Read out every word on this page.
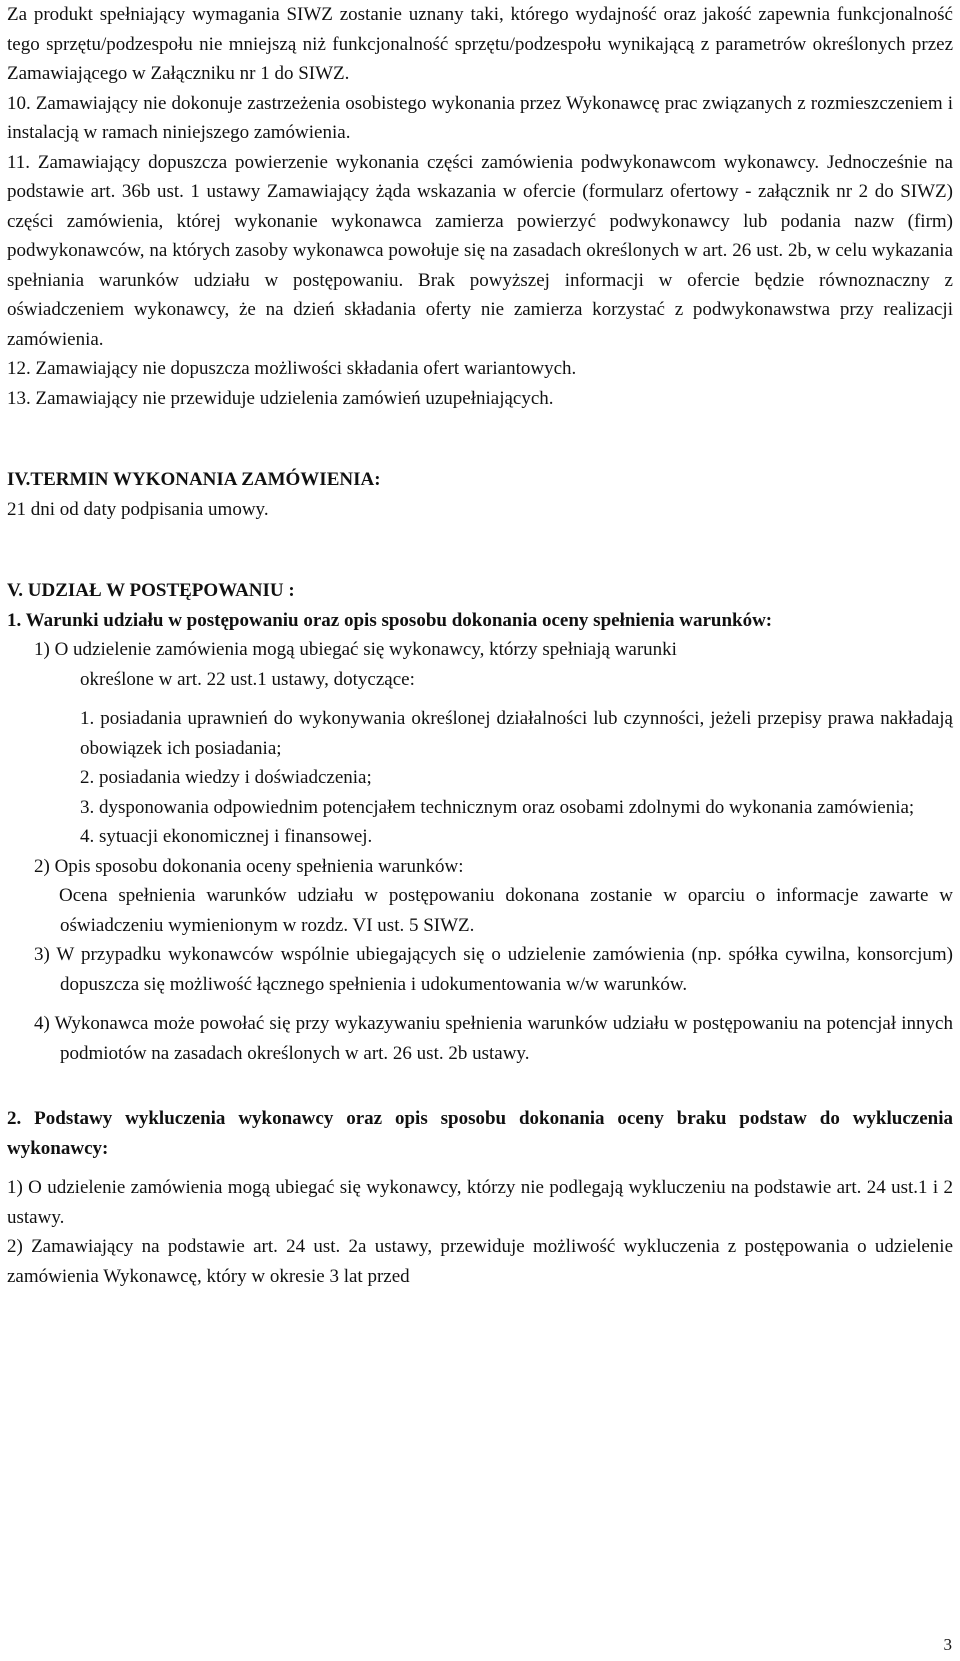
Za produkt spełniający wymagania SIWZ zostanie uznany taki, którego wydajność oraz jakość zapewnia funkcjonalność tego sprzętu/podzespołu nie mniejszą niż funkcjonalność sprzętu/podzespołu wynikającą z parametrów określonych przez Zamawiającego w Załączniku nr 1 do SIWZ.

10. Zamawiający nie dokonuje zastrzeżenia osobistego wykonania przez Wykonawcę prac związanych z rozmieszczeniem i instalacją w ramach niniejszego zamówienia.

11. Zamawiający dopuszcza powierzenie wykonania części zamówienia podwykonawcom wykonawcy. Jednocześnie na podstawie art. 36b ust. 1 ustawy Zamawiający żąda wskazania w ofercie (formularz ofertowy - załącznik nr 2 do SIWZ) części zamówienia, której wykonanie wykonawca zamierza powierzyć podwykonawcy lub podania nazw (firm) podwykonawców, na których zasoby wykonawca powołuje się na zasadach określonych w art. 26 ust. 2b, w celu wykazania spełniania warunków udziału w postępowaniu. Brak powyższej informacji w ofercie będzie równoznaczny z oświadczeniem wykonawcy, że na dzień składania oferty nie zamierza korzystać z podwykonawstwa przy realizacji zamówienia.

12. Zamawiający nie dopuszcza możliwości składania ofert wariantowych.

13. Zamawiający nie przewiduje udzielenia zamówień uzupełniających.

IV.TERMIN WYKONANIA ZAMÓWIENIA:

21 dni od daty podpisania umowy.

V. UDZIAŁ W POSTĘPOWANIU :

1. Warunki udziału w postępowaniu oraz opis sposobu dokonania oceny spełnienia warunków:

1) O udzielenie zamówienia mogą ubiegać się wykonawcy, którzy spełniają warunki

określone w art. 22 ust.1 ustawy, dotyczące:

1. posiadania uprawnień do wykonywania określonej działalności lub czynności, jeżeli przepisy prawa nakładają obowiązek ich posiadania;

2. posiadania wiedzy i doświadczenia;

3. dysponowania odpowiednim potencjałem technicznym oraz osobami zdolnymi do wykonania zamówienia;

4. sytuacji ekonomicznej i finansowej.

2) Opis sposobu dokonania oceny spełnienia warunków:

Ocena spełnienia warunków udziału w postępowaniu dokonana zostanie w oparciu o informacje zawarte w oświadczeniu wymienionym w rozdz. VI ust. 5 SIWZ.

3) W przypadku wykonawców wspólnie ubiegających się o udzielenie zamówienia (np. spółka cywilna, konsorcjum) dopuszcza się możliwość łącznego spełnienia i udokumentowania w/w warunków.

4) Wykonawca może powołać się przy wykazywaniu spełnienia warunków udziału w postępowaniu na potencjał innych podmiotów na zasadach określonych w art. 26 ust. 2b ustawy.

2. Podstawy wykluczenia wykonawcy oraz opis sposobu dokonania oceny braku podstaw do wykluczenia wykonawcy:

1) O udzielenie zamówienia mogą ubiegać się wykonawcy, którzy nie podlegają wykluczeniu na podstawie art. 24 ust.1 i 2 ustawy.

2) Zamawiający na podstawie art. 24 ust. 2a ustawy, przewiduje możliwość wykluczenia z postępowania o udzielenie zamówienia Wykonawcę, który w okresie 3 lat przed

3
